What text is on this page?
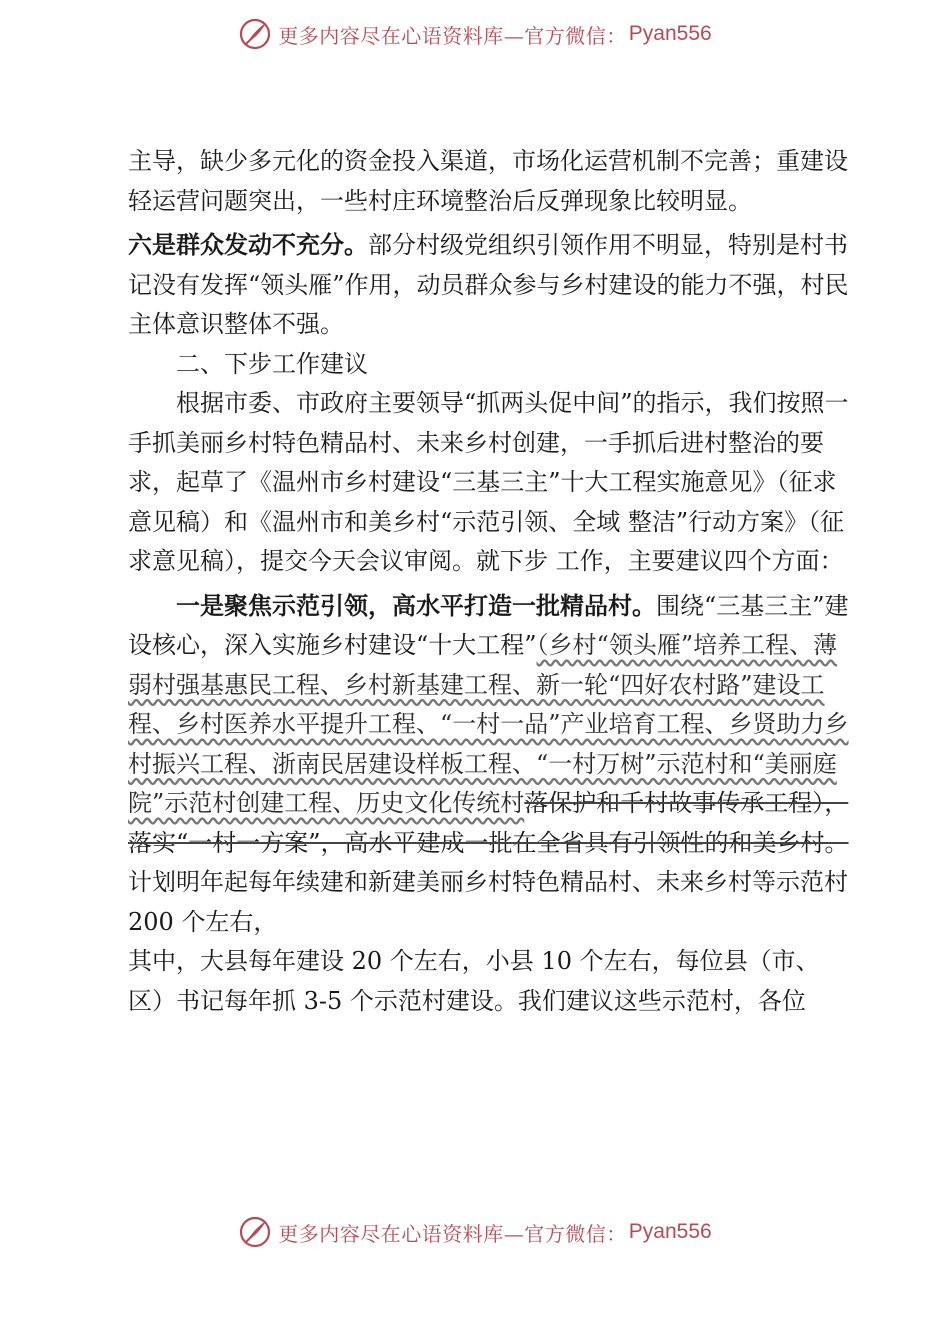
更多内容尽在心语资料库—官方微信： Pyan556

主导，缺少多元化的资金投入渠道，市场化运营机制不完善；重建设轻运营问题突出，一些村庄环境整治后反弹现象比较明显。

六是群众发动不充分。部分村级党组织引领作用不明显，特别是村书记没有发挥“领头雁”作用，动员群众参与乡村建设的能力不强，村民主体意识整体不强。

二、下步工作建议

根据市委、市政府主要领导“抓两头促中间”的指示，我们按照一手抓美丽乡村特色精品村、未来乡村创建，一手抓后进村整治的要求，起草了《温州市乡村建设“三基三主”十大工程实施意见》（征求意见稿）和《温州市和美乡村“示范引领、全域 整洁”行动方案》（征求意见稿），提交今天会议审阅。就下步 工作，主要建议四个方面：

一是聚焦示范引领，高水平打造一批精品村。围绕“三基三主”建设核心，深入实施乡村建设“十大工程”（乡村“领头雁”培养工程、薄弱村强基惠民工程、乡村新基建工程、新一轮“四好农村路”建设工程、乡村医养水平提升工程、“一村一品”产业培育工程、乡贤助力乡村振兴工程、浙南民居建设样板工程、“一村万树”示范村和“美丽庭院”示范村创建工程、历史文化传统村落保护和千村故事传承工程），落实“一村一方案”，高水平建成一批在全省具有引领性的和美乡村。计划明年起每年续建和新建美丽乡村特色精品村、未来乡村等示范村 200 个左右，

其中，大县每年建设 20 个左右，小县 10 个左右，每位县（市、区）书记每年抓 3-5 个示范村建设。我们建议这些示范村，各位

更多内容尽在心语资料库—官方微信： Pyan556
